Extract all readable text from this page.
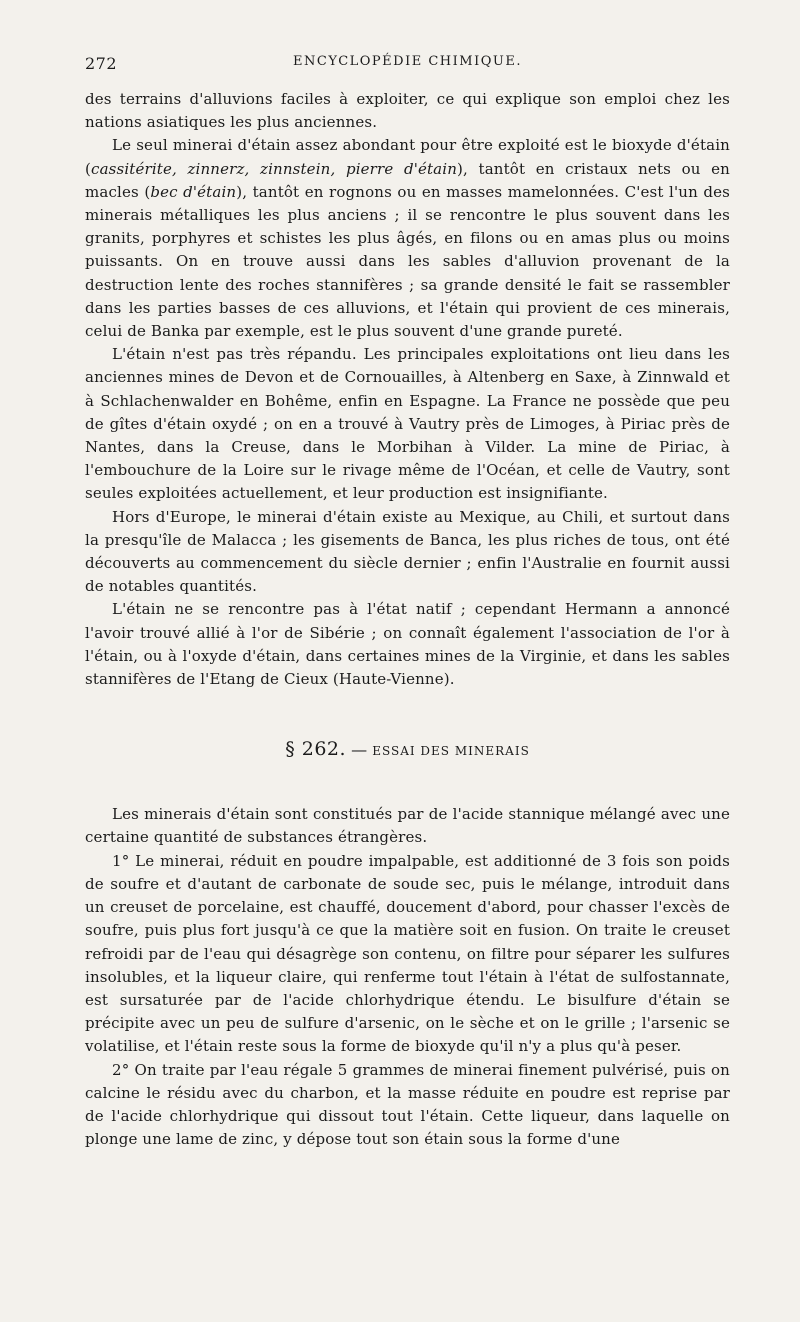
272	ENCYCLOPÉDIE CHIMIQUE.

des terrains d'alluvions faciles à exploiter, ce qui explique son emploi chez les nations asiatiques les plus anciennes.

Le seul minerai d'étain assez abondant pour être exploité est le bioxyde d'étain (cassitérite, zinnerz, zinnstein, pierre d'étain), tantôt en cristaux nets ou en macles (bec d'étain), tantôt en rognons ou en masses mamelonnées. C'est l'un des minerais métalliques les plus anciens ; il se rencontre le plus souvent dans les granits, porphyres et schistes les plus âgés, en filons ou en amas plus ou moins puissants. On en trouve aussi dans les sables d'alluvion provenant de la destruction lente des roches stannifères ; sa grande densité le fait se rassembler dans les parties basses de ces alluvions, et l'étain qui provient de ces minerais, celui de Banka par exemple, est le plus souvent d'une grande pureté.

L'étain n'est pas très répandu. Les principales exploitations ont lieu dans les anciennes mines de Devon et de Cornouailles, à Altenberg en Saxe, à Zinnwald et à Schlachenwalder en Bohême, enfin en Espagne. La France ne possède que peu de gîtes d'étain oxydé ; on en a trouvé à Vautry près de Limoges, à Piriac près de Nantes, dans la Creuse, dans le Morbihan à Vilder. La mine de Piriac, à l'embouchure de la Loire sur le rivage même de l'Océan, et celle de Vautry, sont seules exploitées actuellement, et leur production est insignifiante.

Hors d'Europe, le minerai d'étain existe au Mexique, au Chili, et surtout dans la presqu'île de Malacca ; les gisements de Banca, les plus riches de tous, ont été découverts au commencement du siècle dernier ; enfin l'Australie en fournit aussi de notables quantités.

L'étain ne se rencontre pas à l'état natif ; cependant Hermann a annoncé l'avoir trouvé allié à l'or de Sibérie ; on connaît également l'association de l'or à l'étain, ou à l'oxyde d'étain, dans certaines mines de la Virginie, et dans les sables stannifères de l'Etang de Cieux (Haute-Vienne).

§ 262. — ESSAI DES MINERAIS

Les minerais d'étain sont constitués par de l'acide stannique mélangé avec une certaine quantité de substances étrangères.

1° Le minerai, réduit en poudre impalpable, est additionné de 3 fois son poids de soufre et d'autant de carbonate de soude sec, puis le mélange, introduit dans un creuset de porcelaine, est chauffé, doucement d'abord, pour chasser l'excès de soufre, puis plus fort jusqu'à ce que la matière soit en fusion. On traite le creuset refroidi par de l'eau qui désagrège son contenu, on filtre pour séparer les sulfures insolubles, et la liqueur claire, qui renferme tout l'étain à l'état de sulfostannate, est sursaturée par de l'acide chlorhydrique étendu. Le bisulfure d'étain se précipite avec un peu de sulfure d'arsenic, on le sèche et on le grille ; l'arsenic se volatilise, et l'étain reste sous la forme de bioxyde qu'il n'y a plus qu'à peser.

2° On traite par l'eau régale 5 grammes de minerai finement pulvérisé, puis on calcine le résidu avec du charbon, et la masse réduite en poudre est reprise par de l'acide chlorhydrique qui dissout tout l'étain. Cette liqueur, dans laquelle on plonge une lame de zinc, y dépose tout son étain sous la forme d'une
